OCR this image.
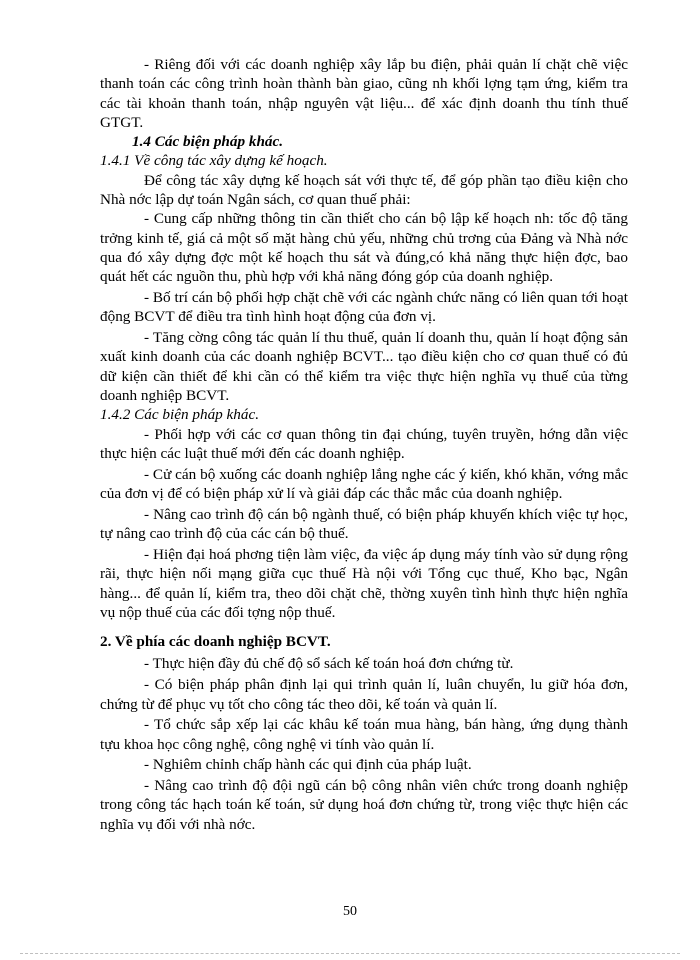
- Riêng đối với các doanh nghiệp xây lắp bu điện, phải quản lí chặt chẽ việc thanh toán các công trình hoàn thành bàn giao, cũng nh khối lợng tạm ứng, kiểm tra các tài khoản thanh toán, nhập nguyên vật liệu... để xác định doanh thu tính thuế GTGT.

1.4 Các biện pháp khác.
1.4.1 Về công tác xây dựng kế hoạch.

Để công tác xây dựng kế hoạch sát với thực tế, để góp phần tạo điều kiện cho Nhà nớc lập dự toán Ngân sách, cơ quan thuế phải:

- Cung cấp những thông tin cần thiết cho cán bộ lập kế hoạch nh: tốc độ tăng trởng kinh tế, giá cả một số mặt hàng chủ yếu, những chủ trơng của Đảng và Nhà nớc qua đó xây dựng đợc một kế hoạch thu sát và đúng,có khả năng thực hiện đợc, bao quát hết các nguồn thu, phù hợp với khả năng đóng góp của doanh nghiệp.

- Bố trí cán bộ phối hợp chặt chẽ với các ngành chức năng có liên quan tới hoạt động BCVT để điều tra tình hình hoạt động của đơn vị.

- Tăng cờng công tác quản lí thu thuế, quản lí doanh thu, quản lí hoạt động sản xuất kinh doanh của các doanh nghiệp BCVT... tạo điều kiện cho cơ quan thuế có đủ dữ kiện cần thiết để khi cần có thể kiểm tra việc thực hiện nghĩa vụ thuế của từng doanh nghiệp BCVT.

1.4.2 Các biện pháp khác.

- Phối hợp với các cơ quan thông tin đại chúng, tuyên truyền, hớng dẫn việc thực hiện các luật thuế mới đến các doanh nghiệp.

- Cử cán bộ xuống các doanh nghiệp lắng nghe các ý kiến, khó khăn, vớng mắc của đơn vị để có biện pháp xử lí và giải đáp các thắc mắc của doanh nghiệp.

- Nâng cao trình độ cán bộ ngành thuế, có biện pháp khuyến khích việc tự học, tự nâng cao trình độ của các cán bộ thuế.

- Hiện đại hoá phơng tiện làm việc, đa việc áp dụng máy tính vào sử dụng rộng rãi, thực hiện nối mạng giữa cục thuế Hà nội với Tổng cục thuế, Kho bạc, Ngân hàng... để quản lí, kiểm tra, theo dõi chặt chẽ, thờng xuyên tình hình thực hiện nghĩa vụ nộp thuế của các đối tợng nộp thuế.

2. Về phía các doanh nghiệp BCVT.

- Thực hiện đầy đủ chế độ sổ sách kế toán hoá đơn chứng từ.

- Có biện pháp phân định lại qui trình quản lí, luân chuyển, lu giữ hóa đơn, chứng từ để phục vụ tốt cho công tác theo dõi, kế toán và quản lí.

- Tổ chức sắp xếp lại các khâu kế toán mua hàng, bán hàng, ứng dụng thành tựu khoa học công nghệ, công nghệ vi tính vào quản lí.

- Nghiêm chỉnh chấp hành các qui định của pháp luật.

- Nâng cao trình độ đội ngũ cán bộ công nhân viên chức trong doanh nghiệp trong công tác hạch toán kế toán, sử dụng hoá đơn chứng từ, trong việc thực hiện các nghĩa vụ đối với nhà nớc.

50
